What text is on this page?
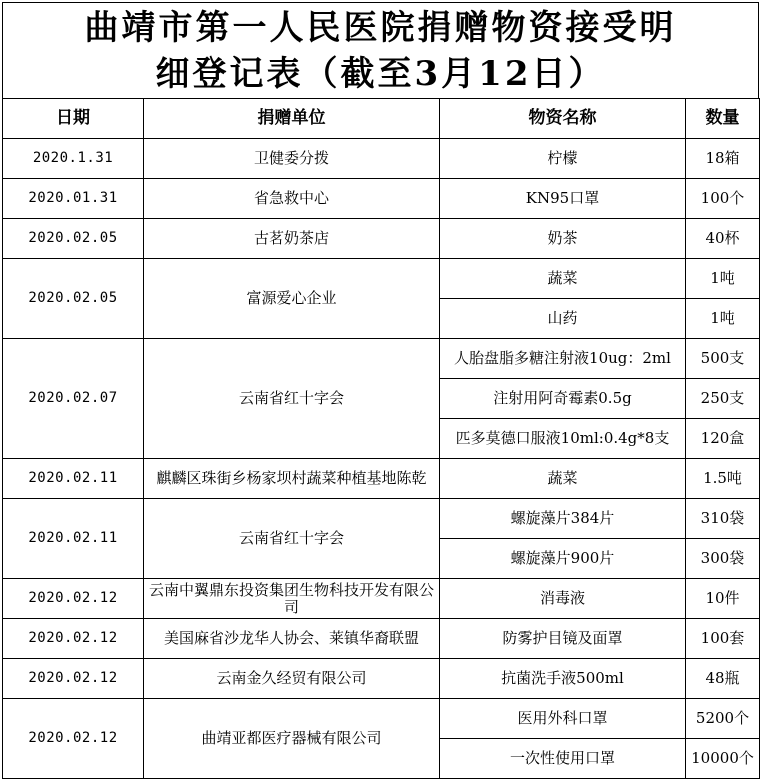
曲靖市第一人民医院捐赠物资接受明
细登记表（截至3月12日）
日期	捐赠单位	物资名称	数量
2020.1.31	卫健委分拨	柠檬	18箱
2020.01.31	省急救中心	KN95口罩	100个
2020.02.05	古茗奶茶店	奶茶	40杯
2020.02.05	富源爱心企业	蔬菜	1吨
		山药	1吨
2020.02.07	云南省红十字会	人胎盘脂多糖注射液10ug：2ml	500支
		注射用阿奇霉素0.5g	250支
		匹多莫德口服液10ml:0.4g*8支	120盒
2020.02.11	麒麟区珠街乡杨家坝村蔬菜种植基地陈乾	蔬菜	1.5吨
2020.02.11	云南省红十字会	螺旋藻片384片	310袋
		螺旋藻片900片	300袋
2020.02.12	云南中翼鼎东投资集团生物科技开发有限公司	消毒液	10件
2020.02.12	美国麻省沙龙华人协会、莱镇华裔联盟	防雾护目镜及面罩	100套
2020.02.12	云南金久经贸有限公司	抗菌洗手液500ml	48瓶
2020.02.12	曲靖亚都医疗器械有限公司	医用外科口罩	5200个
		一次性使用口罩	10000个
